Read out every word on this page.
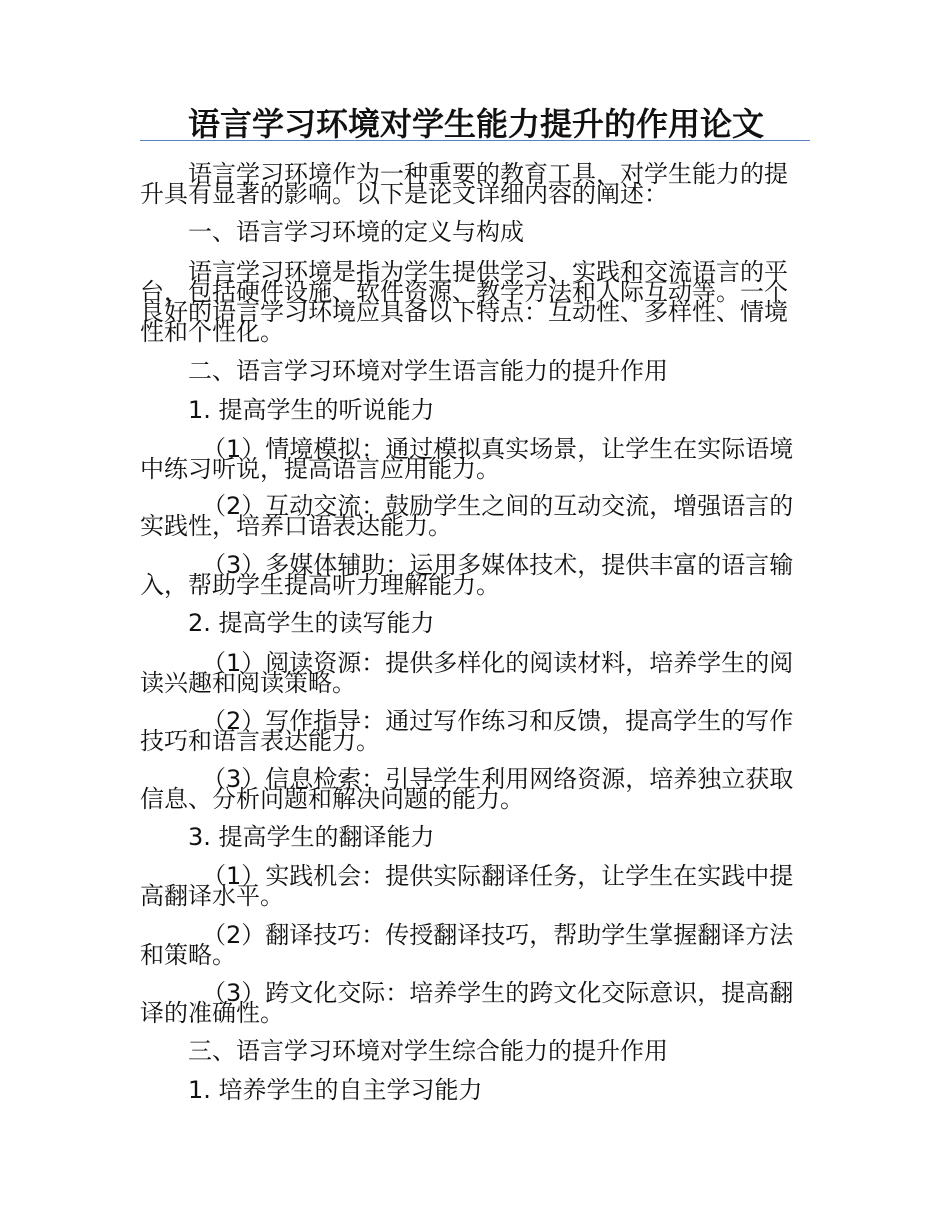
语言学习环境对学生能力提升的作用论文
语言学习环境作为一种重要的教育工具，对学生能力的提
升具有显著的影响。以下是论文详细内容的阐述：
一、语言学习环境的定义与构成
语言学习环境是指为学生提供学习、实践和交流语言的平
台，包括硬件设施、软件资源、教学方法和人际互动等。一个
良好的语言学习环境应具备以下特点：互动性、多样性、情境
性和个性化。
二、语言学习环境对学生语言能力的提升作用
1. 提高学生的听说能力
（1）情境模拟：通过模拟真实场景，让学生在实际语境
中练习听说，提高语言应用能力。
（2）互动交流：鼓励学生之间的互动交流，增强语言的
实践性，培养口语表达能力。
（3）多媒体辅助：运用多媒体技术，提供丰富的语言输
入，帮助学生提高听力理解能力。
2. 提高学生的读写能力
（1）阅读资源：提供多样化的阅读材料，培养学生的阅
读兴趣和阅读策略。
（2）写作指导：通过写作练习和反馈，提高学生的写作
技巧和语言表达能力。
（3）信息检索：引导学生利用网络资源，培养独立获取
信息、分析问题和解决问题的能力。
3. 提高学生的翻译能力
（1）实践机会：提供实际翻译任务，让学生在实践中提
高翻译水平。
（2）翻译技巧：传授翻译技巧，帮助学生掌握翻译方法
和策略。
（3）跨文化交际：培养学生的跨文化交际意识，提高翻
译的准确性。
三、语言学习环境对学生综合能力的提升作用
1. 培养学生的自主学习能力
